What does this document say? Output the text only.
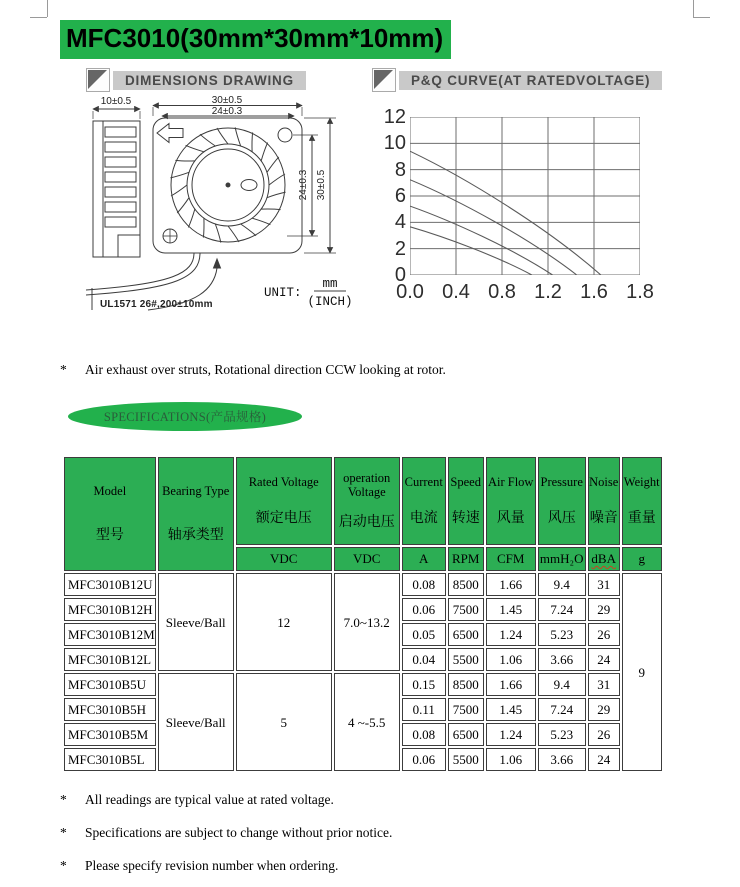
MFC3010(30mm*30mm*10mm)
DIMENSIONS DRAWING	P&Q CURVE(AT RATEDVOLTAGE)
10±0.5	30±0.5
24±0.3
24±0.3 30±0.5
UL1571 26#,200±10mm
UNIT:
mm
(INCH)
12
10
8
6
4
2
0
0.0 0.4 0.8 1.2 1.6 1.8
* Air exhaust over struts, Rotational direction CCW looking at rotor.
SPECIFICATIONS(产品规格)
Model
型号

Bearing Type
轴承类型

Rated Voltage
额定电压

operation Voltage
启动电压

Current
电流

Speed
转速

Air Flow
风量

Pressure
风压

Noise
噪音

Weight
重量

		VDC	VDC	A	RPM	CFM	mmH₂O	dBA	g
MFC3010B12U	Sleeve/Ball	12	7.0~13.2	0.08	8500	1.66	9.4	31	9
MFC3010B12H				0.06	7500	1.45	7.24	29	
MFC3010B12M				0.05	6500	1.24	5.23	26	
MFC3010B12L				0.04	5500	1.06	3.66	24	
MFC3010B5U	Sleeve/Ball	5	4 ~-5.5	0.15	8500	1.66	9.4	31	
MFC3010B5H				0.11	7500	1.45	7.24	29	
MFC3010B5M				0.08	6500	1.24	5.23	26	
MFC3010B5L				0.06	5500	1.06	3.66	24	
* All readings are typical value at rated voltage.
* Specifications are subject to change without prior notice.
* Please specify revision number when ordering.
